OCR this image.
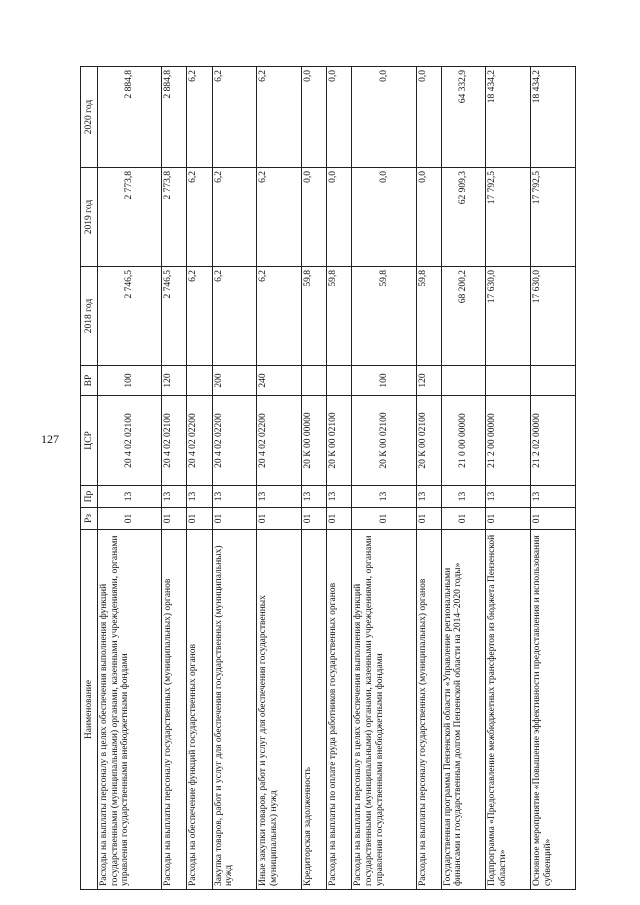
127
Наименование	Рз	Пр	ЦСР	ВР	2018 год	2019 год	2020 год
Расходы на выплаты персоналу в целях обеспечения выполнения функций государственными (муниципальными) органами, казенными учреждениями, органами управления государственными внебюджетными фондами	01	13	20 4 02 02100	100	2 746,5	2 773,8	2 884,8
Расходы на выплаты персоналу государственных (муниципальных) органов	01	13	20 4 02 02100	120	2 746,5	2 773,8	2 884,8
Расходы на обеспечение функций государственных органов	01	13	20 4 02 02200		6,2	6,2	6,2
Закупка товаров, работ и услуг для обеспечения государственных (муниципальных) нужд	01	13	20 4 02 02200	200	6,2	6,2	6,2
Иные закупки товаров, работ и услуг для обеспечения государственных (муниципальных) нужд	01	13	20 4 02 02200	240	6,2	6,2	6,2
Кредиторская задолженность	01	13	20 К 00 00000		59,8	0,0	0,0
Расходы на выплаты по оплате труда работников государственных органов	01	13	20 К 00 02100		59,8	0,0	0,0
Расходы на выплаты персоналу в целях обеспечения выполнения функций государственными (муниципальными) органами, казенными учреждениями, органами управления государственными внебюджетными фондами	01	13	20 К 00 02100	100	59,8	0,0	0,0
Расходы на выплаты персоналу государственных (муниципальных) органов	01	13	20 К 00 02100	120	59,8	0,0	0,0
Государственная программа Пензенской области «Управление региональными финансами и государственным долгом Пензенской области на 2014–2020 годы»	01	13	21 0 00 00000		68 200,2	62 909,3	64 332,9
Подпрограмма «Предоставление межбюджетных трансфертов из бюджета Пензенской области»	01	13	21 2 00 00000		17 630,0	17 792,5	18 434,2
Основное мероприятие «Повышение эффективности предоставления и использования субвенций»	01	13	21 2 02 00000		17 630,0	17 792,5	18 434,2
